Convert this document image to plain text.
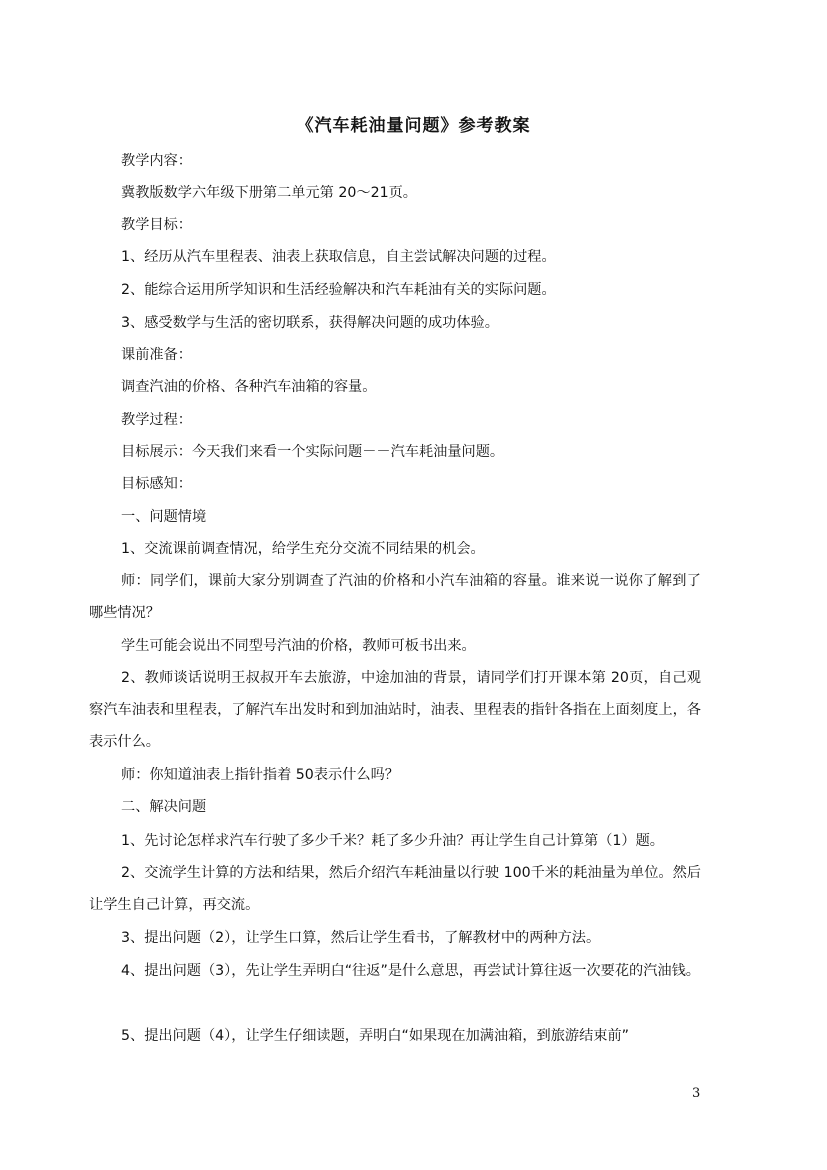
《汽车耗油量问题》参考教案

教学内容：

冀教版数学六年级下册第二单元第 20～21页。

教学目标：

1、经历从汽车里程表、油表上获取信息，自主尝试解决问题的过程。

2、能综合运用所学知识和生活经验解决和汽车耗油有关的实际问题。

3、感受数学与生活的密切联系，获得解决问题的成功体验。

课前准备：

调查汽油的价格、各种汽车油箱的容量。

教学过程：

目标展示：今天我们来看一个实际问题－－汽车耗油量问题。

目标感知：

一、问题情境

1、交流课前调查情况，给学生充分交流不同结果的机会。

师：同学们，课前大家分别调查了汽油的价格和小汽车油箱的容量。谁来说一说你了解到了哪些情况？

学生可能会说出不同型号汽油的价格，教师可板书出来。

2、教师谈话说明王叔叔开车去旅游，中途加油的背景，请同学们打开课本第 20页，自己观察汽车油表和里程表，了解汽车出发时和到加油站时，油表、里程表的指针各指在上面刻度上，各表示什么。

师：你知道油表上指针指着 50表示什么吗？

二、解决问题

1、先讨论怎样求汽车行驶了多少千米？耗了多少升油？再让学生自己计算第（1）题。

2、交流学生计算的方法和结果，然后介绍汽车耗油量以行驶 100千米的耗油量为单位。然后让学生自己计算，再交流。

3、提出问题（2），让学生口算，然后让学生看书，了解教材中的两种方法。

4、提出问题（3），先让学生弄明白“往返”是什么意思，再尝试计算往返一次要花的汽油钱。

5、提出问题（4），让学生仔细读题，弄明白“如果现在加满油箱，到旅游结束前”

3
